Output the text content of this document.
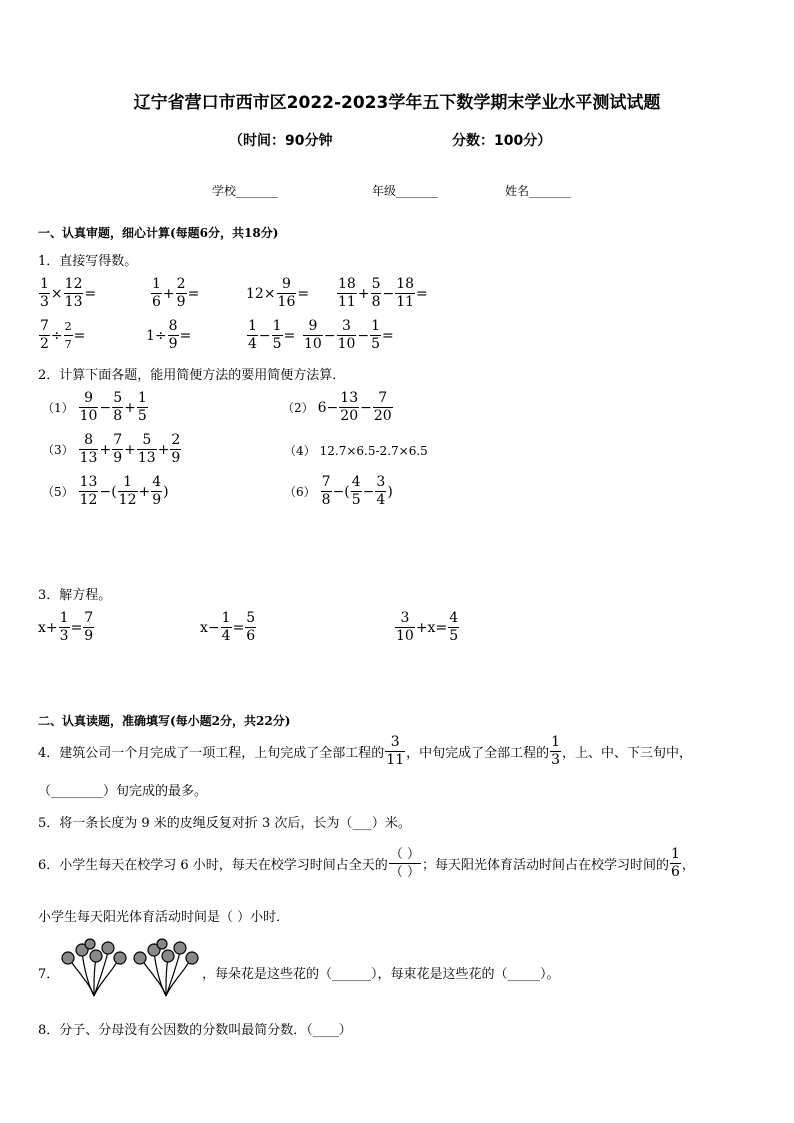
辽宁省营口市西市区2022-2023学年五下数学期末学业水平测试试题
（时间：90分钟	分数：100分）
学校_______	年级_______	姓名_______
一、认真审题，细心计算(每题6分，共18分)
1．直接写得数。
$\frac{1}{3} \times \frac{12}{13}$ =	$\frac{1}{6} + \frac{2}{9}$ =	$12\times \frac{9}{16} = \frac{18}{11} + \frac{5}{8} - \frac{18}{11}$ =
$\frac{7}{2} \div \frac{2}{7}$ =	$1\div \frac{8}{9}$ =	$\frac{1}{4} - \frac{1}{5} = \frac{9}{10} - \frac{3}{10} - \frac{1}{5}$ =
2．计算下面各题，能用简便方法的要用简便方法算．
$(1) \frac{9}{10} - \frac{5}{8} + \frac{1}{5}$	（2） $6- \frac{13}{20} - \frac{7}{20}$
$(3) \frac{8}{13} + \frac{7}{9} + \frac{5}{13} + \frac{2}{9}$	（4） 12.7×6.5-2.7×6.5
$(5) \frac{13}{12}$ −( $\frac{1}{12} + \frac{4}{9}$ )	$(6) \frac{7}{8}$ −( $\frac{4}{5} - \frac{3}{4}$ )
3．解方程。
$x+ \frac{1}{3} = \frac{7}{9}$	$x- \frac{1}{4} = \frac{5}{6}$	$\frac{3}{10} +x= \frac{4}{5}$
二、认真读题，准确填写(每小题2分，共22分)
4．建筑公司一个月完成了一项工程，上旬完成了全部工程的 $\frac{3}{11}$ ，中旬完成了全部工程的 $\frac{1}{3}$ ，上、中、下三旬中，
（________）旬完成的最多。
5．将一条长度为 9 米的皮绳反复对折 3 次后，长为（___）米。
6．小学生每天在校学习 6 小时，每天在校学习时间占全天的 $\frac{( )}{( )}$ ；每天阳光体育活动时间占在校学习时间的 $\frac{1}{6}$ ，
小学生每天阳光体育活动时间是（ ）小时．
7．	，每朵花是这些花的（______），每束花是这些花的（_____）。
8．分子、分母没有公因数的分数叫最简分数．（____）
